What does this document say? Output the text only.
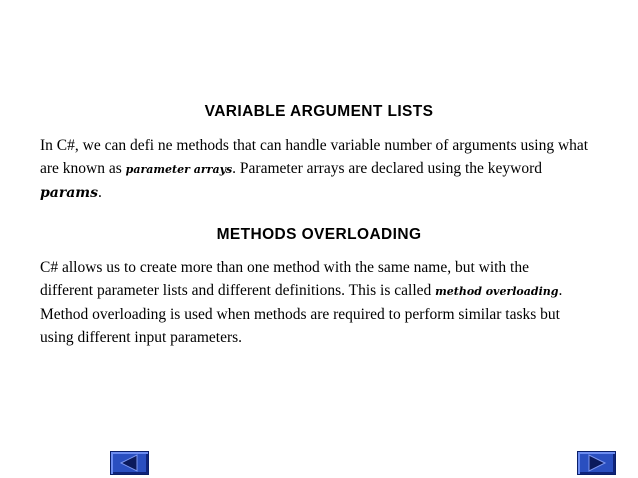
VARIABLE ARGUMENT LISTS
In C#, we can defi ne methods that can handle variable number of arguments using what
are known as parameter arrays. Parameter arrays are declared using the keyword
params.
METHODS OVERLOADING
C# allows us to create more than one method with the same name, but with the
different parameter lists and different definitions. This is called method overloading.
Method overloading is used when methods are required to perform similar tasks but
using different input parameters.
